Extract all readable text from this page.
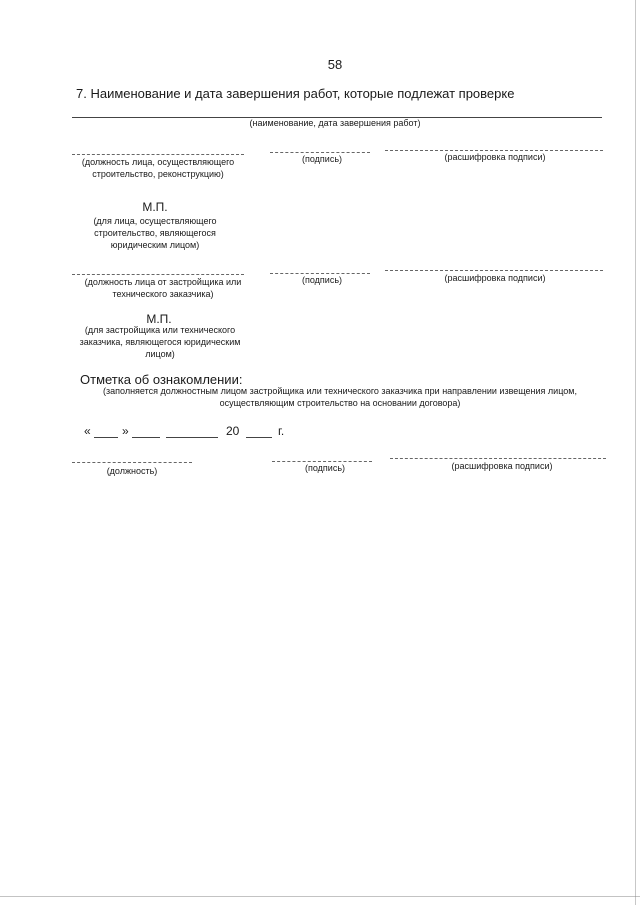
58
7. Наименование и дата завершения работ, которые подлежат проверке
(наименование, дата завершения работ)
(должность лица, осуществляющего строительство, реконструкцию)
(подпись)	(расшифровка подписи)
М.П.
(для лица, осуществляющего строительство, являющегося юридическим лицом)
(должность лица от застройщика или технического заказчика)
(подпись)	(расшифровка подписи)
М.П.
(для застройщика или технического заказчика, являющегося юридическим лицом)
Отметка об ознакомлении:
(заполняется должностным лицом застройщика или технического заказчика при направлении извещения лицом, осуществляющим строительство на основании договора)
«	»	20	г.
(должность)	(подпись)	(расшифровка подписи)
